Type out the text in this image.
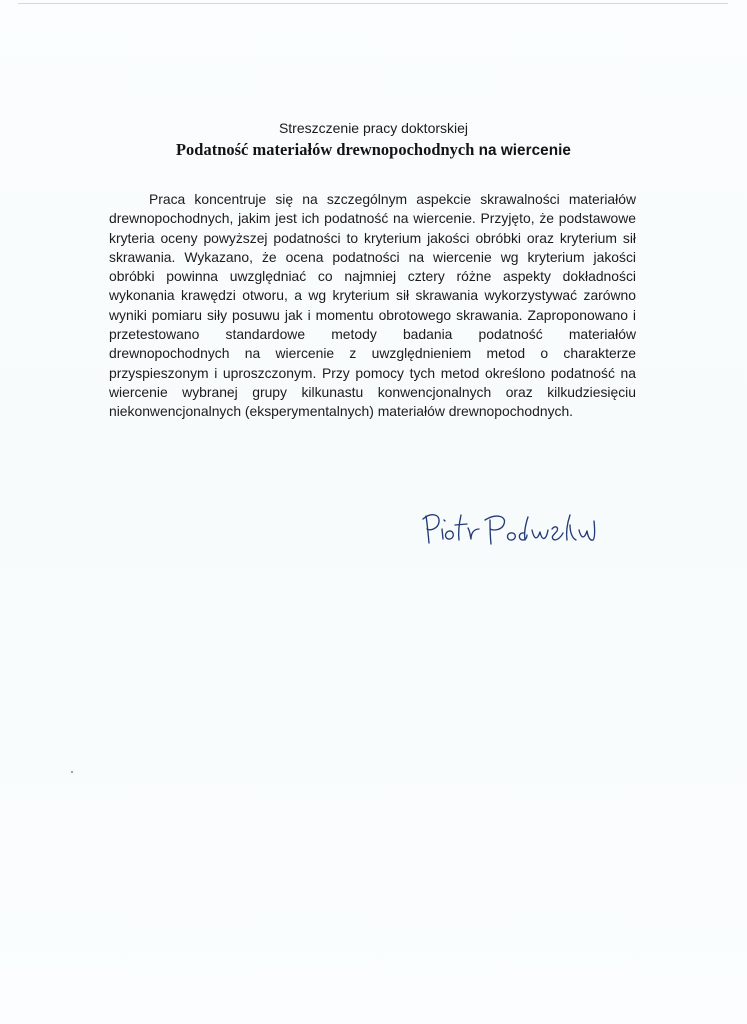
Streszczenie pracy doktorskiej
Podatność materiałów drewnopochodnych na wiercenie
Praca koncentruje się na szczególnym aspekcie skrawalności materiałów
drewnopochodnych, jakim jest ich podatność na wiercenie. Przyjęto, że podstawowe
kryteria oceny powyższej podatności to kryterium jakości obróbki oraz kryterium sił
skrawania. Wykazano, że ocena podatności na wiercenie wg kryterium jakości
obróbki powinna uwzględniać co najmniej cztery różne aspekty dokładności
wykonania krawędzi otworu, a wg kryterium sił skrawania wykorzystywać zarówno
wyniki pomiaru siły posuwu jak i momentu obrotowego skrawania. Zaproponowano i
przetestowano standardowe metody badania podatność materiałów
drewnopochodnych na wiercenie z uwzględnieniem metod o charakterze
przyspieszonym i uproszczonym. Przy pomocy tych metod określono podatność na
wiercenie wybranej grupy kilkunastu konwencjonalnych oraz kilkudziesięciu
niekonwencjonalnych (eksperymentalnych) materiałów drewnopochodnych.
